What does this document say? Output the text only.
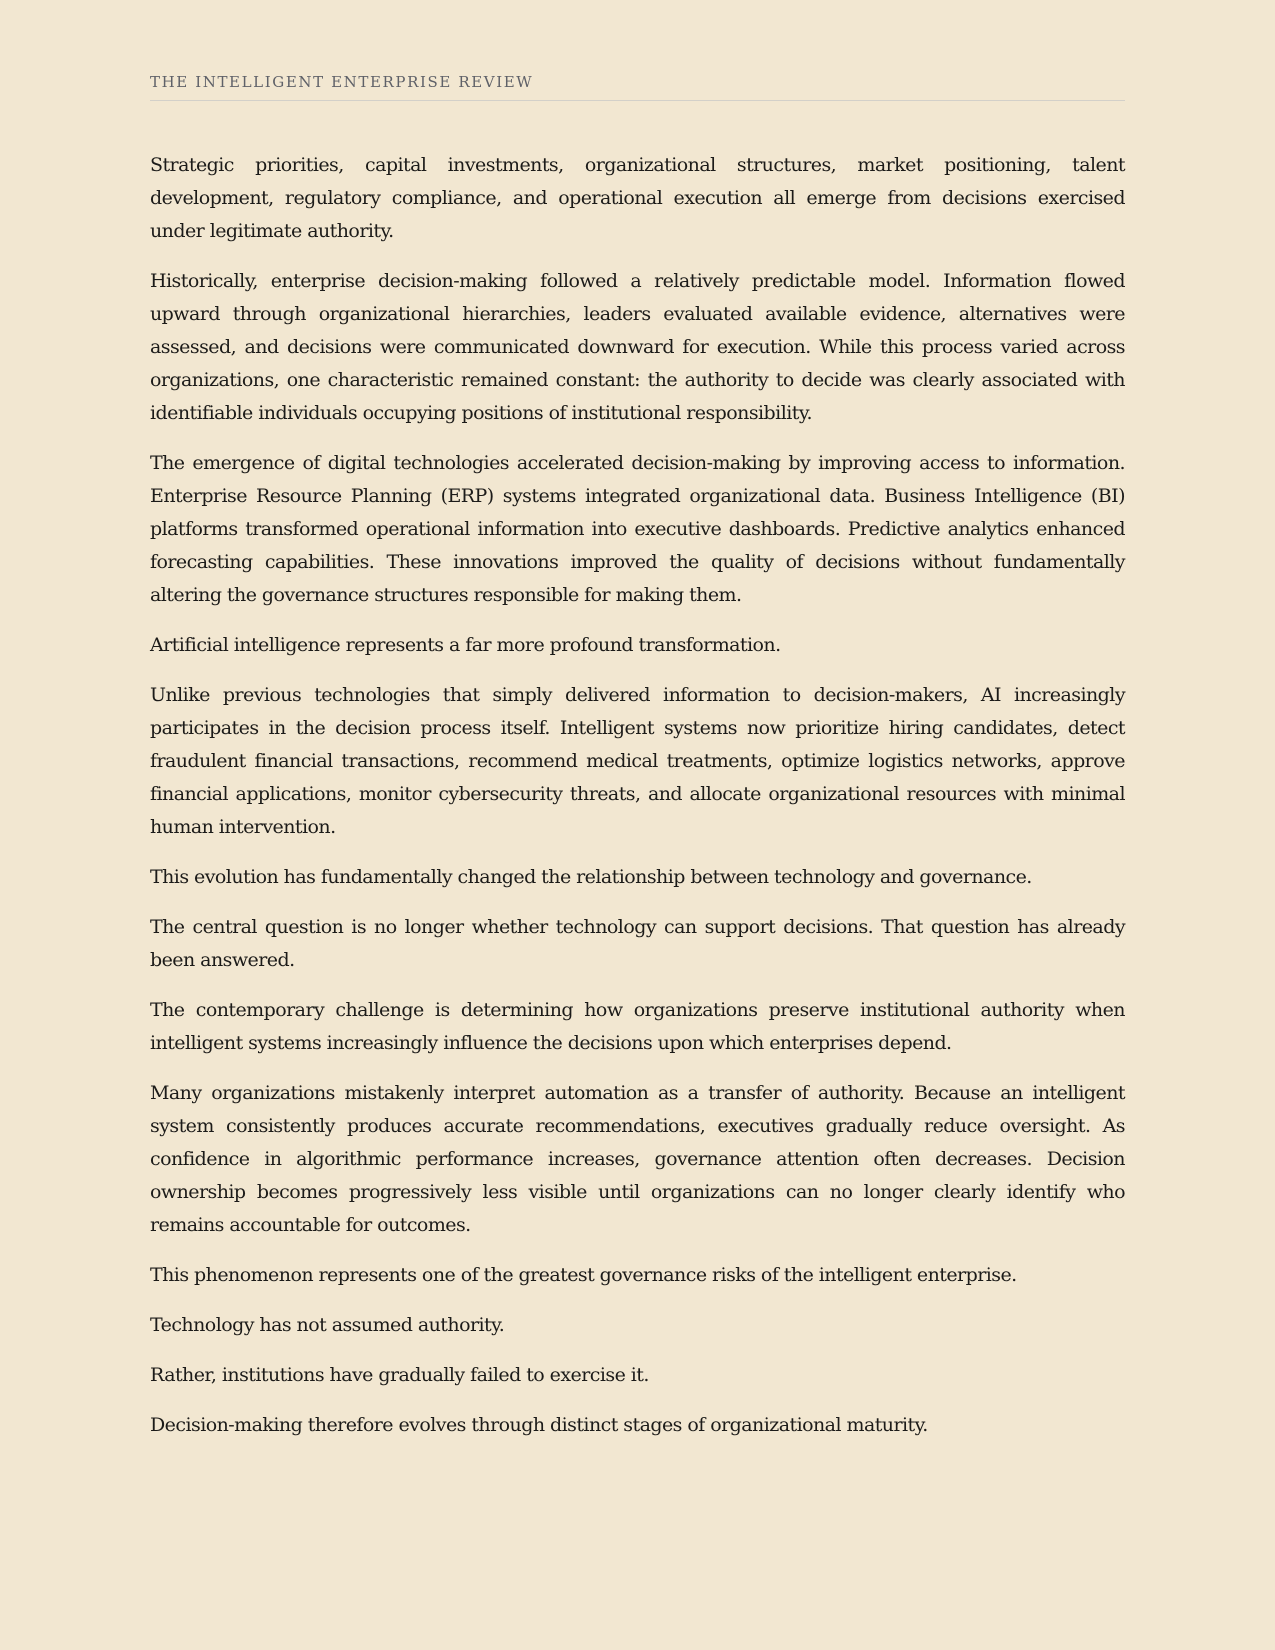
THE INTELLIGENT ENTERPRISE REVIEW

Strategic priorities, capital investments, organizational structures, market positioning, talent development, regulatory compliance, and operational execution all emerge from decisions exercised under legitimate authority.

Historically, enterprise decision-making followed a relatively predictable model. Information flowed upward through organizational hierarchies, leaders evaluated available evidence, alternatives were assessed, and decisions were communicated downward for execution. While this process varied across organizations, one characteristic remained constant: the authority to decide was clearly associated with identifiable individuals occupying positions of institutional responsibility.

The emergence of digital technologies accelerated decision-making by improving access to information. Enterprise Resource Planning (ERP) systems integrated organizational data. Business Intelligence (BI) platforms transformed operational information into executive dashboards. Predictive analytics enhanced forecasting capabilities. These innovations improved the quality of decisions without fundamentally altering the governance structures responsible for making them.

Artificial intelligence represents a far more profound transformation.

Unlike previous technologies that simply delivered information to decision-makers, AI increasingly participates in the decision process itself. Intelligent systems now prioritize hiring candidates, detect fraudulent financial transactions, recommend medical treatments, optimize logistics networks, approve financial applications, monitor cybersecurity threats, and allocate organizational resources with minimal human intervention.

This evolution has fundamentally changed the relationship between technology and governance.

The central question is no longer whether technology can support decisions. That question has already been answered.

The contemporary challenge is determining how organizations preserve institutional authority when intelligent systems increasingly influence the decisions upon which enterprises depend.

Many organizations mistakenly interpret automation as a transfer of authority. Because an intelligent system consistently produces accurate recommendations, executives gradually reduce oversight. As confidence in algorithmic performance increases, governance attention often decreases. Decision ownership becomes progressively less visible until organizations can no longer clearly identify who remains accountable for outcomes.

This phenomenon represents one of the greatest governance risks of the intelligent enterprise.

Technology has not assumed authority.

Rather, institutions have gradually failed to exercise it.

Decision-making therefore evolves through distinct stages of organizational maturity.
